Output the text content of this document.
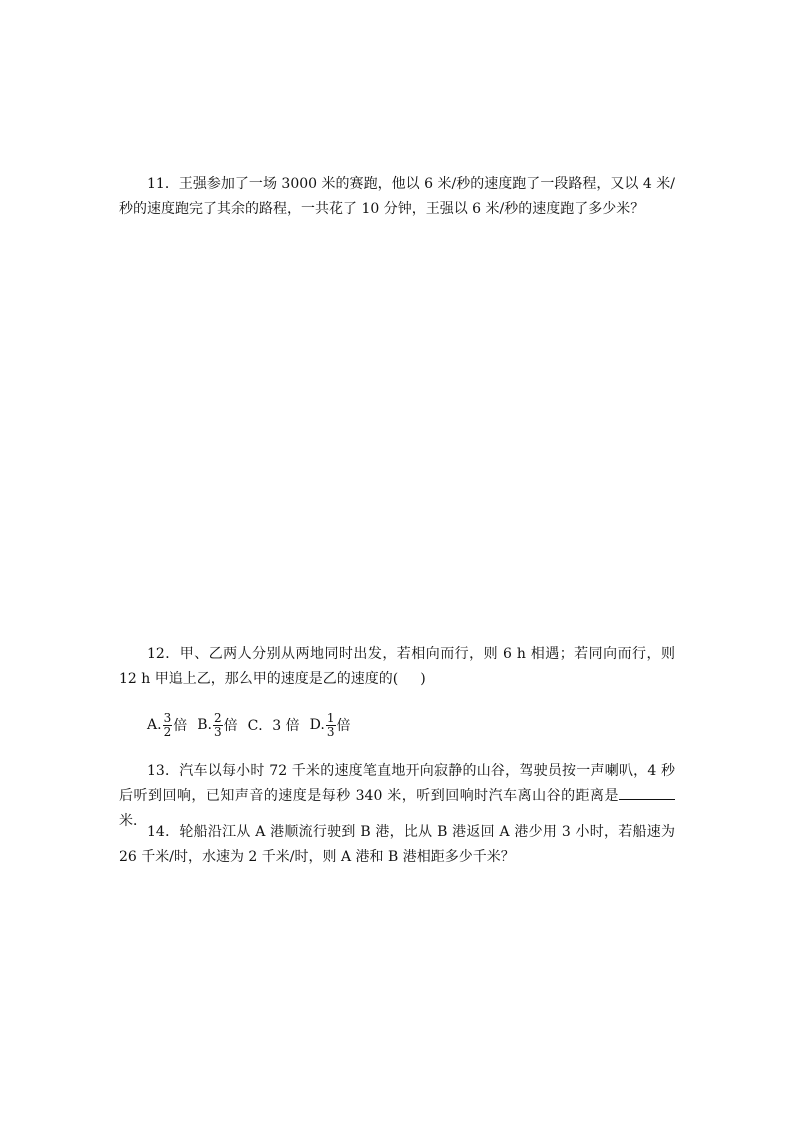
11．王强参加了一场 3000 米的赛跑，他以 6 米/秒的速度跑了一段路程，又以 4 米/秒的速度跑完了其余的路程，一共花了 10 分钟，王强以 6 米/秒的速度跑了多少米？

12．甲、乙两人分别从两地同时出发，若相向而行，则 6 h 相遇；若同向而行，则 12 h 甲追上乙，那么甲的速度是乙的速度的( )

A. $\frac{3}{2}$ 倍 B. $\frac{2}{3}$ 倍 C．3 倍 D. $\frac{1}{3}$ 倍

13．汽车以每小时 72 千米的速度笔直地开向寂静的山谷，驾驶员按一声喇叭，4 秒后听到回响，已知声音的速度是每秒 340 米，听到回响时汽车离山谷的距离是米．

14．轮船沿江从 A 港顺流行驶到 B 港，比从 B 港返回 A 港少用 3 小时，若船速为 26 千米/时，水速为 2 千米/时，则 A 港和 B 港相距多少千米？
